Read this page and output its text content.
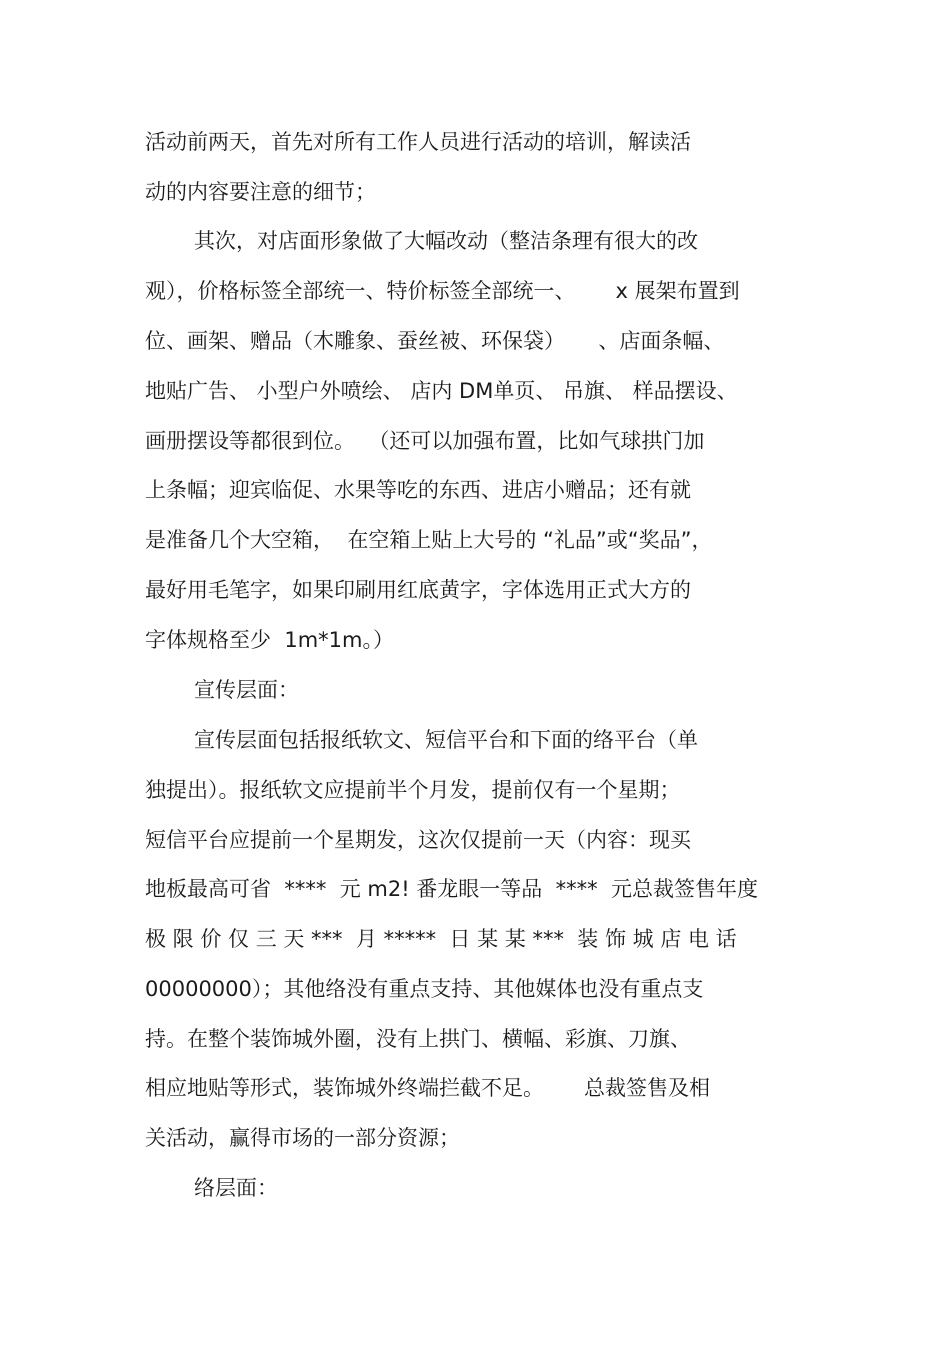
活动前两天，首先对所有工作人员进行活动的培训，解读活

动的内容要注意的细节；

其次，对店面形象做了大幅改动（整洁条理有很大的改

观），价格标签全部统一、特价标签全部统一、      x 展架布置到

位、画架、赠品（木雕象、蚕丝被、环保袋）     、店面条幅、

地贴广告、 小型户外喷绘、 店内 DM单页、 吊旗、 样品摆设、

画册摆设等都很到位。  （还可以加强布置，比如气球拱门加

上条幅；迎宾临促、水果等吃的东西、进店小赠品；还有就

是准备几个大空箱，  在空箱上贴上大号的 “礼品”或“奖品”，

最好用毛笔字，如果印刷用红底黄字，字体选用正式大方的

字体规格至少  1m*1m。）

宣传层面：

宣传层面包括报纸软文、短信平台和下面的络平台（单

独提出）。报纸软文应提前半个月发，提前仅有一个星期；

短信平台应提前一个星期发，这次仅提前一天（内容：现买

地板最高可省  ****  元 m2! 番龙眼一等品  ****  元总裁签售年度

极 限 价 仅 三 天 ***  月 *****  日 某 某 ***  装 饰 城 店 电 话

00000000）；其他络没有重点支持、其他媒体也没有重点支

持。在整个装饰城外圈，没有上拱门、横幅、彩旗、刀旗、

相应地贴等形式，装饰城外终端拦截不足。      总裁签售及相

关活动，赢得市场的一部分资源；

络层面：
